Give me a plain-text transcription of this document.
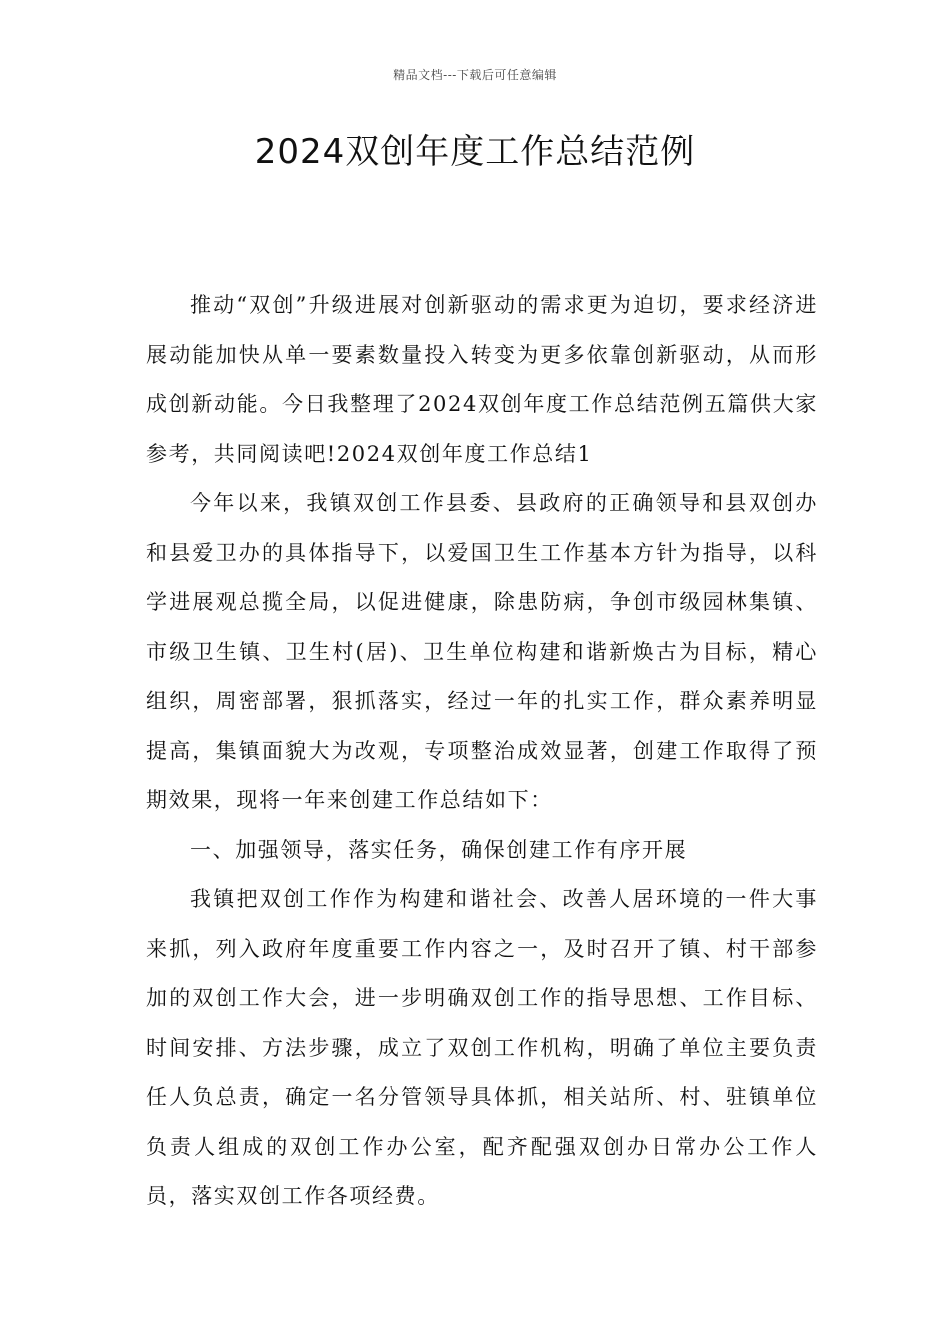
精品文档---下载后可任意编辑
2024双创年度工作总结范例

推动“双创”升级进展对创新驱动的需求更为迫切，要求经济进展动能加快从单一要素数量投入转变为更多依靠创新驱动，从而形成创新动能。今日我整理了2024双创年度工作总结范例五篇供大家参考，共同阅读吧!2024双创年度工作总结1

今年以来，我镇双创工作县委、县政府的正确领导和县双创办和县爱卫办的具体指导下，以爱国卫生工作基本方针为指导，以科学进展观总揽全局，以促进健康，除患防病，争创市级园林集镇、市级卫生镇、卫生村(居)、卫生单位构建和谐新焕古为目标，精心组织，周密部署，狠抓落实，经过一年的扎实工作，群众素养明显提高，集镇面貌大为改观，专项整治成效显著，创建工作取得了预期效果，现将一年来创建工作总结如下：

一、加强领导，落实任务，确保创建工作有序开展

我镇把双创工作作为构建和谐社会、改善人居环境的一件大事来抓，列入政府年度重要工作内容之一，及时召开了镇、村干部参加的双创工作大会，进一步明确双创工作的指导思想、工作目标、时间安排、方法步骤，成立了双创工作机构，明确了单位主要负责任人负总责，确定一名分管领导具体抓，相关站所、村、驻镇单位负责人组成的双创工作办公室，配齐配强双创办日常办公工作人员，落实双创工作各项经费。
